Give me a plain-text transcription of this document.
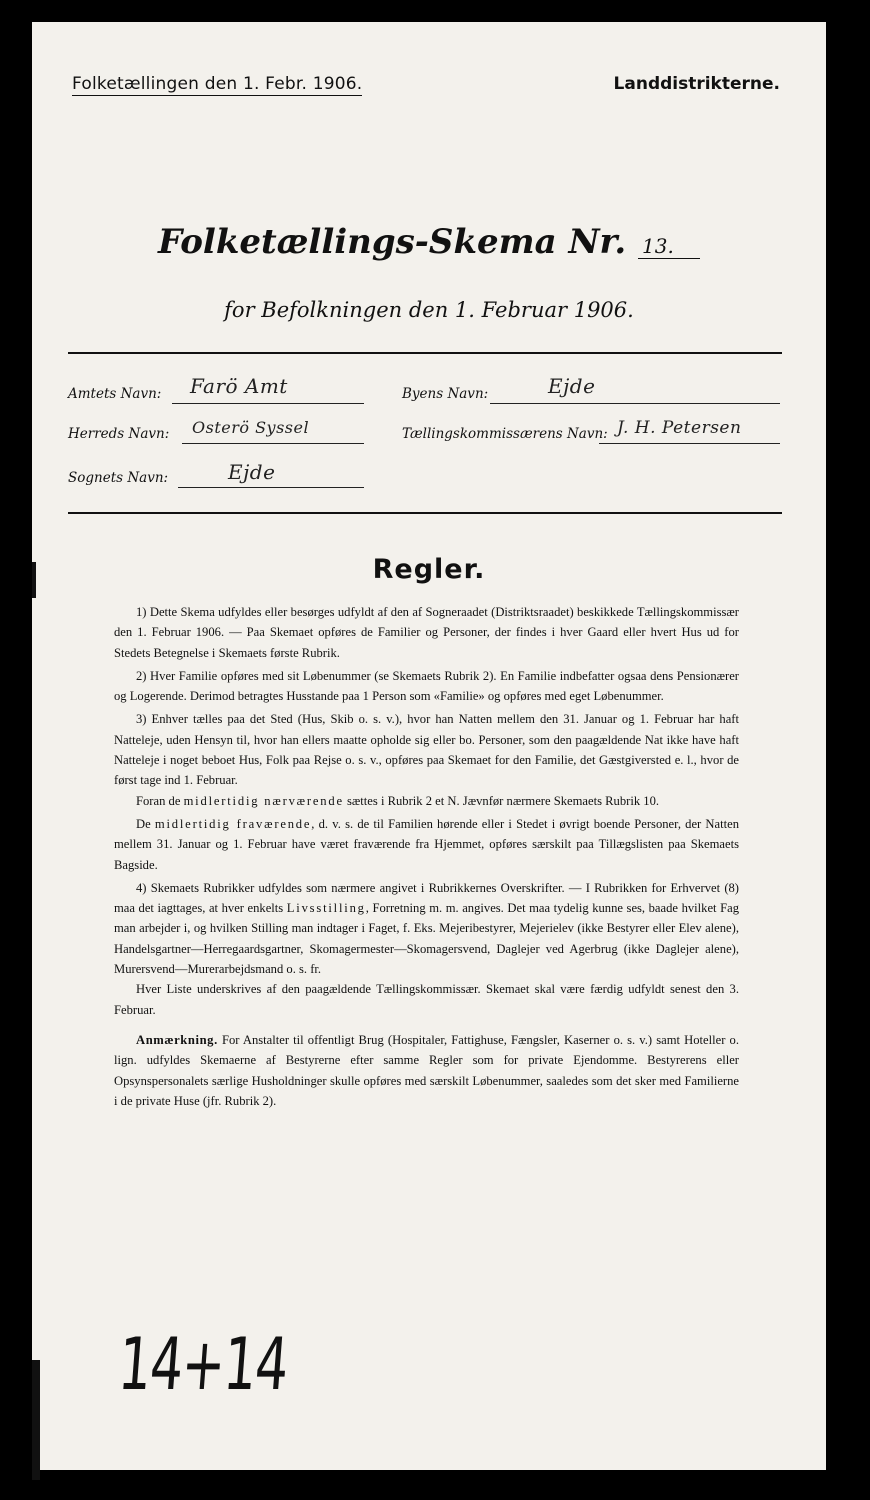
Folketællingen den 1. Febr. 1906.	Landdistrikterne.
Folketællings-Skema Nr. 13.
for Befolkningen den 1. Februar 1906.
Amtets Navn: Farö Amt	Byens Navn:	Ejde
Herreds Navn: Osterö Syssel	Tællingskommissærens Navn: J. H. Petersen
Sognets Navn:	Ejde
Regler.

1) Dette Skema udfyldes eller besørges udfyldt af den af Sogneraadet (Distriktsraadet) beskikkede Tællingskommissær den 1. Februar 1906. — Paa Skemaet opføres de Familier og Personer, der findes i hver Gaard eller hvert Hus ud for Stedets Betegnelse i Skemaets første Rubrik.

2) Hver Familie opføres med sit Løbenummer (se Skemaets Rubrik 2). En Familie indbefatter ogsaa dens Pensionærer og Logerende. Derimod betragtes Husstande paa 1 Person som «Familie» og opføres med eget Løbenummer.

3) Enhver tælles paa det Sted (Hus, Skib o. s. v.), hvor han Natten mellem den 31. Januar og 1. Februar har haft Natteleje, uden Hensyn til, hvor han ellers maatte opholde sig eller bo. Personer, som den paagældende Nat ikke have haft Natteleje i noget beboet Hus, Folk paa Rejse o. s. v., opføres paa Skemaet for den Familie, det Gæstgiversted e. l., hvor de først tage ind 1. Februar.

Foran de midlertidig nærværende sættes i Rubrik 2 et N. Jævnfør nærmere Skemaets Rubrik 10.

De midlertidig fraværende, d. v. s. de til Familien hørende eller i Stedet i øvrigt boende Personer, der Natten mellem 31. Januar og 1. Februar have været fraværende fra Hjemmet, opføres særskilt paa Tillægslisten paa Skemaets Bagside.

4) Skemaets Rubrikker udfyldes som nærmere angivet i Rubrikkernes Overskrifter. — I Rubrikken for Erhvervet (8) maa det iagttages, at hver enkelts Livsstilling, Forretning m. m. angives. Det maa tydelig kunne ses, baade hvilket Fag man arbejder i, og hvilken Stilling man indtager i Faget, f. Eks. Mejeribestyrer, Mejerielev (ikke Bestyrer eller Elev alene), Handelsgartner—Herregaardsgartner, Skomagermester—Skomagersvend, Daglejer ved Agerbrug (ikke Daglejer alene), Murersvend—Murerarbejdsmand o. s. fr.

Hver Liste underskrives af den paagældende Tællingskommissær. Skemaet skal være færdig udfyldt senest den 3. Februar.

Anmærkning. For Anstalter til offentligt Brug (Hospitaler, Fattighuse, Fængsler, Kaserner o. s. v.) samt Hoteller o. lign. udfyldes Skemaerne af Bestyrerne efter samme Regler som for private Ejendomme. Bestyrerens eller Opsynspersonalets særlige Husholdninger skulle opføres med særskilt Løbenummer, saaledes som det sker med Familierne i de private Huse (jfr. Rubrik 2).

14+14
